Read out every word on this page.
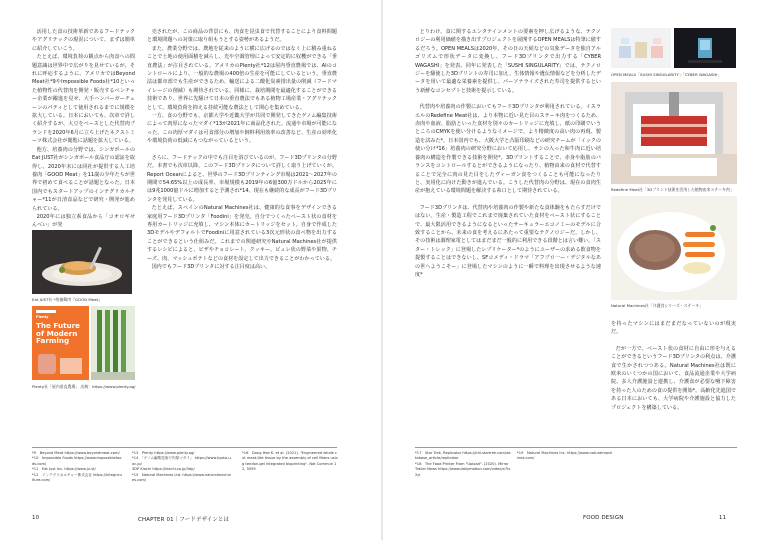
活用した食の技術革新であるフードテックやアグリテックの現況について、まずは簡単に紹介していこう。

たとえば、環境負荷の観点から肉食への問題意識は世界中で広がりを見せているが、それに呼応するように、アメリカではBeyond Meat社*9やImpossible Foods社*10といった植物性の代替肉を開発・販売するベンチャー企業が躍進を見せ、大手ハンバーガーチェーンのパティとして使用されるまでに規模を拡大している。日本においても、次章で詳しく紹介するが、大豆をベースとした代替肉ブランドを2020年6月に立ち上げたネクストミーツ株式会社が閲覧に話題を拡大している。

他方、培養肉の分野では、シンガポールのEat JUST社がシンガポール食品庁の認証を取得し、2020年末には同社が提供する人工培養肉「GOOD Meat」を11歳の少年たちが世界で初めて食べることが話題となった。日本国内でもスタートアップのインテグリカルチャー*11が日清食品などで研究・開発が進められている。

2020年には独立系食品から「コオロギせんべい」が発

Eat JUST社 *培養鶏肉『GOOD Meat』
Plenty
The Future of Modern Farming
Plenty社「屋内垂直農場」 出典：https://www.plenty.ag/

売されたが、この商品の背景にも、肉食を昆虫食で代替することにより食料問題と環境問題への対策に取り組もうとする姿勢があるようだ。

また、農業分野では、農地を従来のように横に広げるのではなく上に積み重ねることで土地の使用面積を減らし、光や空調管理によって安定的に収穫ができる「垂直農法」が注目されている。アメリカのPlenty社*12は屋内垂直農場では、AIのコントロールにより、一般的な農場の400倍の生産を可能にしているという。垂直農法は都市部でも生産ができるため、輸送による二酸化炭素排出量の削減（フードマイレージの削減）も期待されている。同様に、栽培期間を最適化することができる技術であり、世界に先駆けて日本の垂直農法でもある植物工場産業・アグリテックとして、環境負荷を抑える持続可能な農法として関心を集めている。

一方、食の分野でも、京都大学や近畿大学が共同で開発してきたゲノム編集技術によって肉厚になったマダイ*13が2021年に商品化された。流通や市場が可能になった、この肉厚マダイは可食部分の増加や飼料利用効率の改善など、生産の効率化や環境負荷の低減にもつながっているという。

さらに、フードテックの中でも注目を浴びているのが、フード3Dプリンタの分野だ。本書でも次章以降、このフード3Dプリンタについて詳しく取り上げていくが、Report Oceanによると、世界のフード3Dプリンティング市場は2021〜2027年の期間で54.65%以上の成長率、市場規模も2019年の6億300万ドルから2025年には9兆1000億ドルに増加すると予測され*14、現在も継続的な成長がフード3Dプリンタを発見している。

たとえば、スペインのNatural Machines社は、健康的な食事をデザインできる家庭用フード3Dプリンタ「Foodini」を発売。自分でつくったペースト状の食材を専用カートリッジに充填し、マシン本体にカートリッジをセット。自身で作成した3DモデルやデフォルトでFoodiniに用意されている3次元形状の食べ物を出力することができるという仕組みだ。これまでの関連研究やNatural Machines社が提供するレシピによると、ピザやチョコレート、クッキー、ビュレ状の野菜や果物、チーズ、肉、マッシュポテトなどの食材を設定して出力できることがわかっている。

国内でもフード3Dプリンタに対する注目度は高い。

*9　Beyond Meat https://www.beyondmeat.com/
*10　Impossible Foods https://www.impossiblefoods.com/
*11　Eat Just Inc. https://www.ju.st/
*12　インテグリカルチャー株式会社 https://integriculture.com/
*13　Plenty https://www.plenty.ag/
*14　「ゲノム編集技術で肉厚マダイ」 https://www.kyoto-u.ac.jp/
3DP Kiachi https://kiachi.co.jp/3dp/
*15　Natural Machines Ltd. https://www.naturalmachines.com/
*16　Dong Hee K. et al. (2021). "Engineered whole cut meat-like tissue by the assembly of cell fibers using tendon-gel integrated bioprinting". Nat Commun 12, 5059
10	CHAPTER 01｜フードデザインとは

とりわけ、食に関するエンタテインメントの要素を押し広げるような、テクノロジーの利用価値を描き出すプロジェクトを展開するOPEN MEALSは特筆に値するだろう。OPEN MEALSは2020年、その日の天候などの気象データを独自アルゴリズムで形状データに変換し、フード3Dプリンタで出力する「CYBER WAGASHI」を発表。同年に発表した「SUSHI SINGULARITY」では、テクノロジーを駆使した3Dプリントの寿司に加え、生体情報や遺伝情報などを分析したデータを用いて最適な栄養素を提供し、パーソナライズされた寿司を提供するという新鮮なコンセプトと技術を提示している。

代替肉や培養肉の作製においてもフード3Dプリンタが利用されている。イスラエルのRedefine Meat社は、より本物に近い見た目のステーキ肉をつくるため、赤肉や血液、脂肪といった食材を別々のカートリッジに充填し、紙の印刷でいうところのCMYKを使い分けるようなイメージで、より精緻度の高い肉の再現、製造を試みた*。日本国内でも、大阪大学と凸版印刷などの研究チームが「イックの使い分け*16」培養肉の研究分野において応用し、サシの入った和牛肉に近い培養肉の構造を作製できる技術を開発*。3Dプリントすることで、赤身や脂肪のバランスをコントロールするとができるようになったり、植物由来の食材で代替することで完全に肉の見た目をしたヴィーガン食をつくることも可能になったりと、実用化に向けた動きが進んでいる。こうした代替肉の分野は、現在の食肉生産が抱えている環境問題を解決する糸口として期待されている。

フード3Dプリンタは、代替肉や培養肉の作製や新たな食体験をもたらすだけではない。生産・製造工程でこれまで廃棄されていた食材をペースト状にすることで、最大限活用できるようになるといったサーキュラーエコノミーのモデルに合致することから、未来の食を考えるにあたって重要なテクノロジーだ。しかし、その技術は調理家電としてはまだまだ一般的に利用できる段階とは言い難い。「スター・トレック」に登場したレプリケーター*のようにユーザーの求める飲食物を提製することはできないし、SFコメディ・ドラマ「アフプロ一ー・デジタルなあの世へようこそー」に登場したマシンのように一瞬で料理を出現させるような速度*

を持ったマシンにはまだまだなっていないのが現実だ。

だが一方で、ペースト状の食材に自由に形を与えることができるというフード3Dプリンタの利点は、介護食で生かされつつある。Natural Machines社は既に欧米のいくつかの国において、食品流通企業や大学病院、多人介護施設と連携し、介護食が必要な嚥下障害を持った人のための食の提供を開始*。高齢化先進国である日本においても、大学病院や介護施設と協力したプロジェクトを構築している。

OPEN MEALS「SUSHI SINGULARITY」「CYBER WAGASHI」
Redefine Meat社「3Dプリント技術を活用した植物由来ステーキ肉」
Natural Machines社「介護食シリーズ・ステーキ」
*17　Star Trek, Replicator https://intl.startrek.com/database_article/replicator
*18　The Food Printer From "Upload". (2020). Mirror Trailer News https://www.dailymotion.com/video/x7tc2yi
*19　Natural Machines Inc. https://www.naturalmachines.com/
FOOD DESIGN	11
